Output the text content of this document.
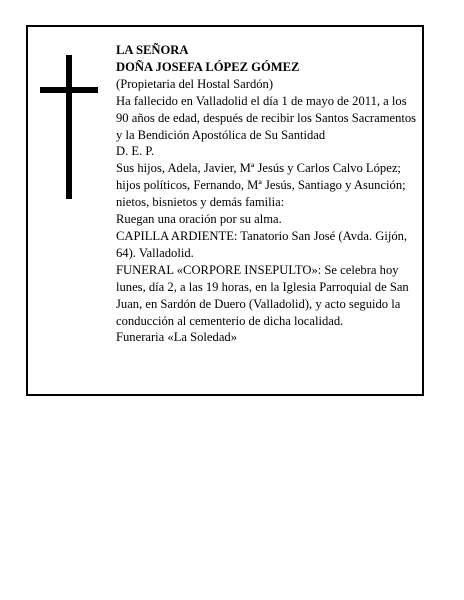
LA SEÑORA

DOÑA JOSEFA LÓPEZ GÓMEZ

(Propietaria del Hostal Sardón)

Ha fallecido en Valladolid el día 1 de mayo de 2011, a los 90 años de edad, después de recibir los Santos Sacramentos y la Bendición Apostólica de Su Santidad

D. E. P.

Sus hijos, Adela, Javier, Mª Jesús y Carlos Calvo López; hijos políticos, Fernando, Mª Jesús, Santiago y Asunción; nietos, bisnietos y demás familia:

Ruegan una oración por su alma.

CAPILLA ARDIENTE: Tanatorio San José (Avda. Gijón, 64). Valladolid.

FUNERAL «CORPORE INSEPULTO»: Se celebra hoy lunes, día 2, a las 19 horas, en la Iglesia Parroquial de San Juan, en Sardón de Duero (Valladolid), y acto seguido la conducción al cementerio de dicha localidad.

Funeraria «La Soledad»
